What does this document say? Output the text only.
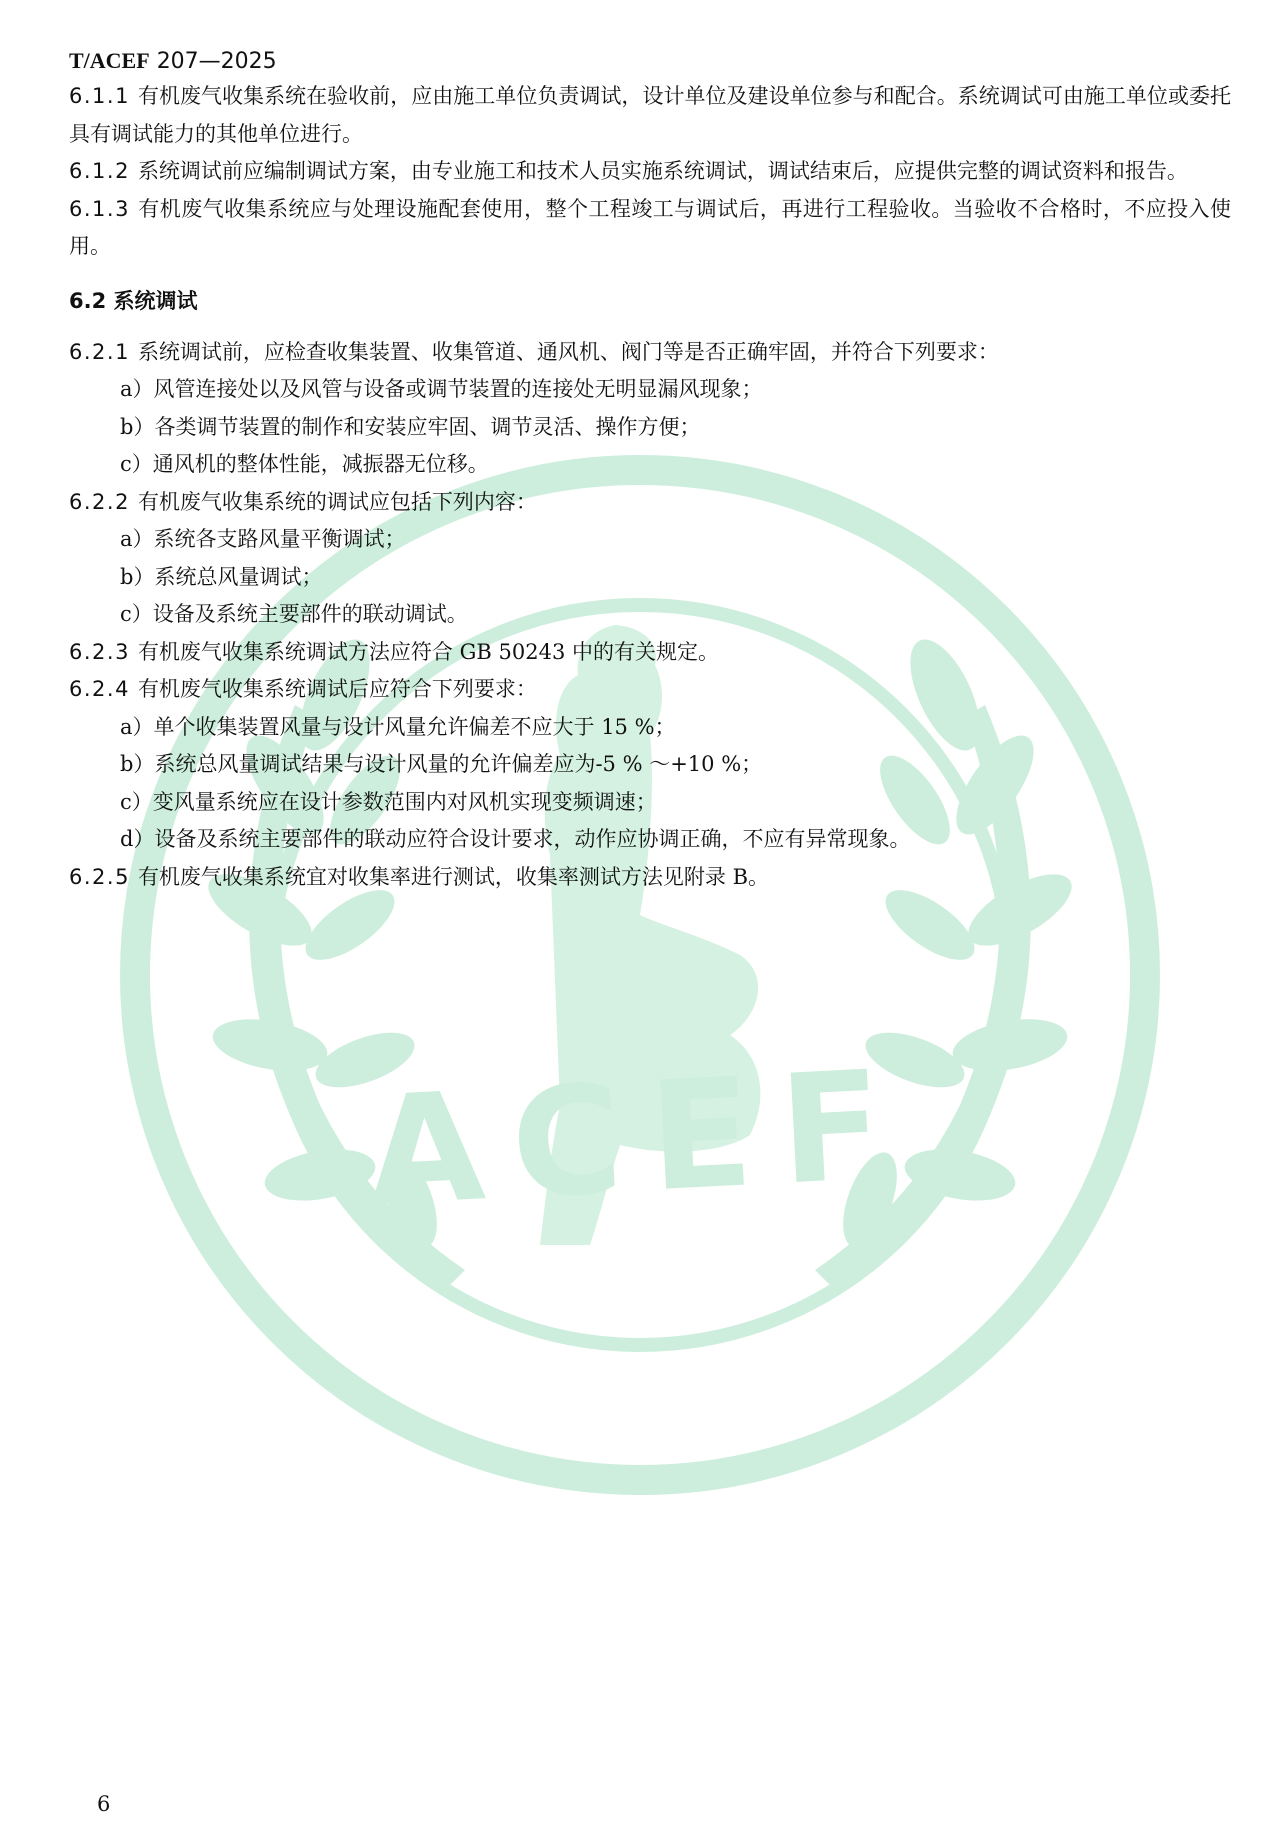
ACEF
T/ACEF 207—2025

6.1.1 有机废气收集系统在验收前，应由施工单位负责调试，设计单位及建设单位参与和配合。系统调试可由施工单位或委托具有调试能力的其他单位进行。

6.1.2 系统调试前应编制调试方案，由专业施工和技术人员实施系统调试，调试结束后，应提供完整的调试资料和报告。

6.1.3 有机废气收集系统应与处理设施配套使用，整个工程竣工与调试后，再进行工程验收。当验收不合格时，不应投入使用。

6.2 系统调试

6.2.1 系统调试前，应检查收集装置、收集管道、通风机、阀门等是否正确牢固，并符合下列要求：

a）风管连接处以及风管与设备或调节装置的连接处无明显漏风现象；

b）各类调节装置的制作和安装应牢固、调节灵活、操作方便；

c）通风机的整体性能，减振器无位移。

6.2.2 有机废气收集系统的调试应包括下列内容：

a）系统各支路风量平衡调试；

b）系统总风量调试；

c）设备及系统主要部件的联动调试。

6.2.3 有机废气收集系统调试方法应符合 GB 50243 中的有关规定。

6.2.4 有机废气收集系统调试后应符合下列要求：

a）单个收集装置风量与设计风量允许偏差不应大于 15 %；

b）系统总风量调试结果与设计风量的允许偏差应为-5 % ～+10 %；

c）变风量系统应在设计参数范围内对风机实现变频调速；

d）设备及系统主要部件的联动应符合设计要求，动作应协调正确，不应有异常现象。

6.2.5 有机废气收集系统宜对收集率进行测试，收集率测试方法见附录 B。

6
